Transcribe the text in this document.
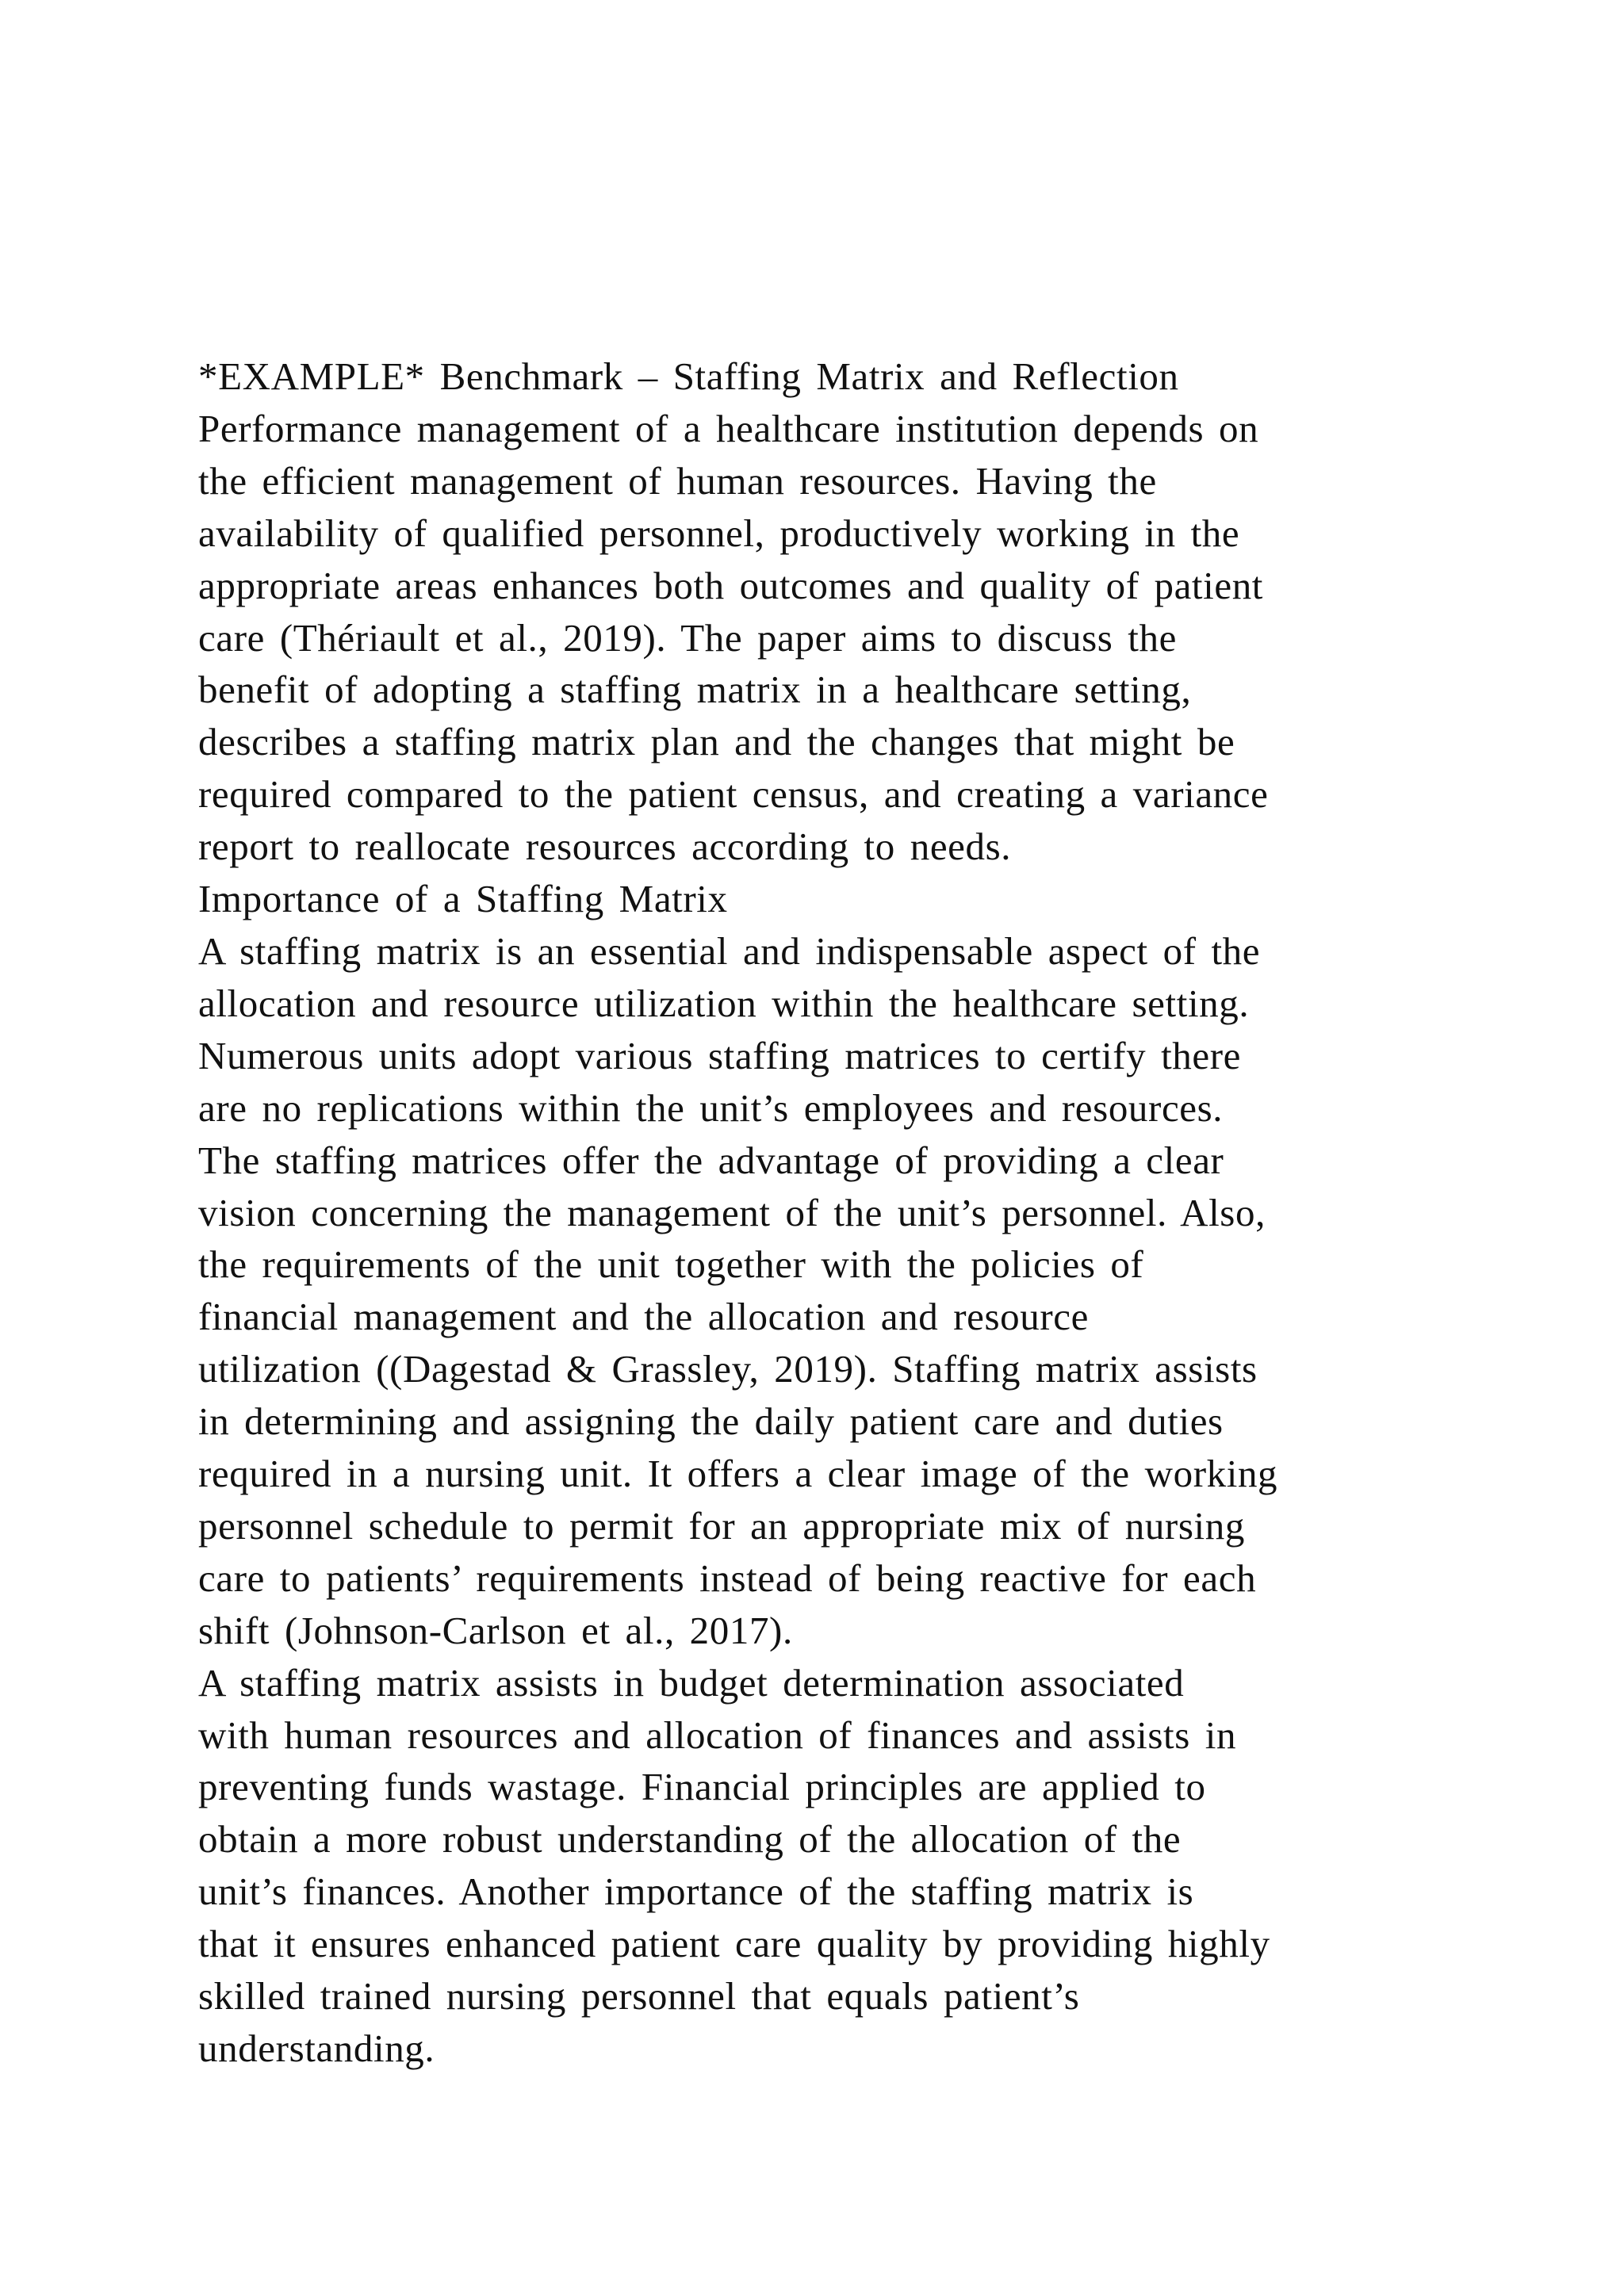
*EXAMPLE* Benchmark – Staffing Matrix and Reflection
Performance management of a healthcare institution depends on
the efficient management of human resources. Having the
availability of qualified personnel, productively working in the
appropriate areas enhances both outcomes and quality of patient
care (Thériault et al., 2019). The paper aims to discuss the
benefit of adopting a staffing matrix in a healthcare setting,
describes a staffing matrix plan and the changes that might be
required compared to the patient census, and creating a variance
report to reallocate resources according to needs.
Importance of a Staffing Matrix
A staffing matrix is an essential and indispensable aspect of the
allocation and resource utilization within the healthcare setting.
Numerous units adopt various staffing matrices to certify there
are no replications within the unit’s employees and resources.
The staffing matrices offer the advantage of providing a clear
vision concerning the management of the unit’s personnel. Also,
the requirements of the unit together with the policies of
financial management and the allocation and resource
utilization ((Dagestad & Grassley, 2019). Staffing matrix assists
in determining and assigning the daily patient care and duties
required in a nursing unit. It offers a clear image of the working
personnel schedule to permit for an appropriate mix of nursing
care to patients’ requirements instead of being reactive for each
shift (Johnson-Carlson et al., 2017).
A staffing matrix assists in budget determination associated
with human resources and allocation of finances and assists in
preventing funds wastage. Financial principles are applied to
obtain a more robust understanding of the allocation of the
unit’s finances. Another importance of the staffing matrix is
that it ensures enhanced patient care quality by providing highly
skilled trained nursing personnel that equals patient’s
understanding.
